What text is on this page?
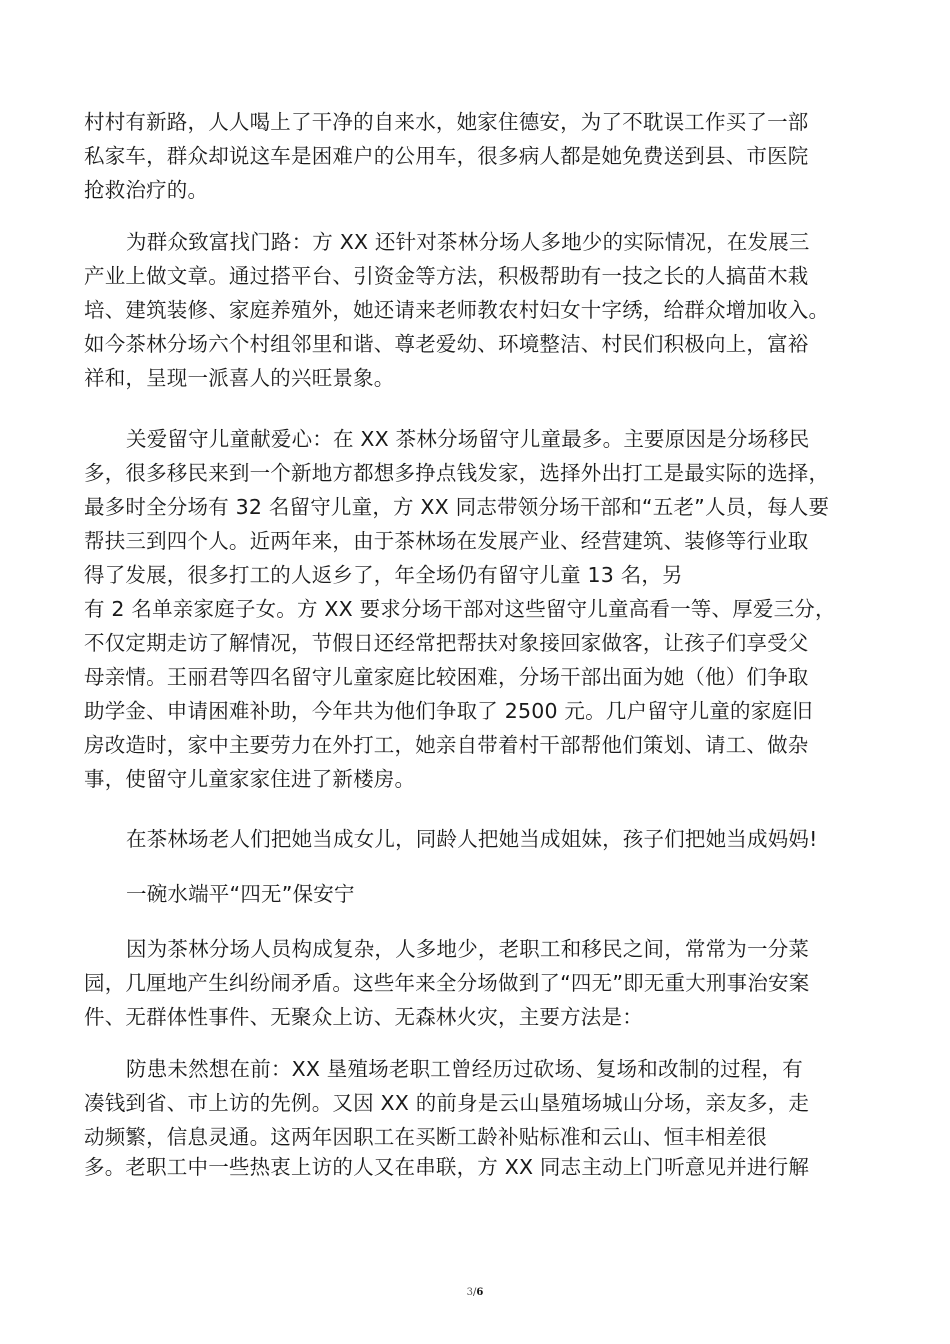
村村有新路，人人喝上了干净的自来水，她家住德安，为了不耽误工作买了一部
私家车，群众却说这车是困难户的公用车，很多病人都是她免费送到县、市医院
抢救治疗的。

为群众致富找门路：方 XX 还针对茶林分场人多地少的实际情况，在发展三
产业上做文章。通过搭平台、引资金等方法，积极帮助有一技之长的人搞苗木栽
培、建筑装修、家庭养殖外，她还请来老师教农村妇女十字绣，给群众增加收入。
如今茶林分场六个村组邻里和谐、尊老爱幼、环境整洁、村民们积极向上，富裕
祥和，呈现一派喜人的兴旺景象。

关爱留守儿童献爱心：在 XX 茶林分场留守儿童最多。主要原因是分场移民
多，很多移民来到一个新地方都想多挣点钱发家，选择外出打工是最实际的选择，
最多时全分场有 32 名留守儿童，方 XX 同志带领分场干部和“五老”人员，每人要
帮扶三到四个人。近两年来，由于茶林场在发展产业、经营建筑、装修等行业取
得了发展，很多打工的人返乡了，年全场仍有留守儿童 13 名，另
有 2 名单亲家庭子女。方 XX 要求分场干部对这些留守儿童高看一等、厚爱三分，
不仅定期走访了解情况，节假日还经常把帮扶对象接回家做客，让孩子们享受父
母亲情。王丽君等四名留守儿童家庭比较困难，分场干部出面为她（他）们争取
助学金、申请困难补助，今年共为他们争取了 2500 元。几户留守儿童的家庭旧
房改造时，家中主要劳力在外打工，她亲自带着村干部帮他们策划、请工、做杂
事，使留守儿童家家住进了新楼房。

在茶林场老人们把她当成女儿，同龄人把她当成姐妹，孩子们把她当成妈妈!

一碗水端平“四无”保安宁

因为茶林分场人员构成复杂，人多地少，老职工和移民之间，常常为一分菜
园，几厘地产生纠纷闹矛盾。这些年来全分场做到了“四无”即无重大刑事治安案
件、无群体性事件、无聚众上访、无森林火灾，主要方法是：

防患未然想在前：XX 垦殖场老职工曾经历过砍场、复场和改制的过程，有
凑钱到省、市上访的先例。又因 XX 的前身是云山垦殖场城山分场，亲友多，走
动频繁，信息灵通。这两年因职工在买断工龄补贴标准和云山、恒丰相差很

多。老职工中一些热衷上访的人又在串联，方 XX 同志主动上门听意见并进行解

3/6
